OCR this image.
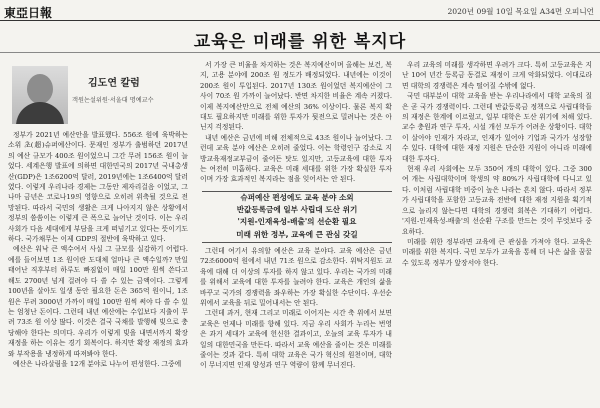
東亞日報	2020년 09월 10일 목요일 A34면 오피니언
교육은 미래를 위한 복지다
김도연 칼럼
객원논설위원·서울대 명예교수

정부가 2021년 예산안을 발표했다. 556조 원에 육박하는 소위 초(超)슈퍼예산이다. 문재인 정부가 출범하던 2017년의 예산 규모가 400조 원이었으니 그간 무려 156조 원이 늘었다. 세계은행 발표에 의하면 대한민국의 2017년 국내총생산(GDP)은 1조6200억 달러, 2019년에는 1조6400억 달러였다. 이렇게 우리나라 경제는 그동안 제자리걸음 이었고, 그나마 금년은 코로나19의 영향으로 오히려 위축될 것으로 전망된다. 따라서 국민의 생활은 크게 나아지지 않은 상황에서 정부의 씀씀이는 이렇게 큰 폭으로 늘어난 것이다. 이는 우리 사회가 다음 세대에게 부담을 크게 떠넘기고 있다는 뜻이기도 하다. 국가채무는 이제 GDP의 절반에 육박하고 있다.

예산은 워낙 큰 액수여서 사실 그 규모를 실감하기 어렵다. 예를 들어보면 1조 원이란 도대체 얼마나 큰 액수일까? 만일 태어난 직후부터 하루도 빠짐없이 매일 100만 원씩 쓴다고 해도 2700년 넘게 걸려야 다 쓸 수 있는 금액이다. 그렇게 100년을 살아도 일생 동안 필요한 돈은 365억 원이니, 1조 원은 무려 3000년 가까이 매일 100만 원씩 써야 다 쓸 수 있는 엄청난 돈이다. 그런데 내년 예산에는 수입보다 지출이 무려 73조 원 이상 많다. 이것은 결국 국채를 발행해 빚으로 충당해야 한다는 의미다. 우리가 이렇게 빚을 내면서까지 확장 재정을 하는 이유는 경기 회복이다. 하지만 확장 재정의 효과와 부작용을 냉정하게 따져봐야 한다.

예산은 나라살림을 12개 분야로 나누어 편성한다. 그중에

서 가장 큰 비율을 차지하는 것은 복지예산이며 올해는 보건, 복지, 고용 분야에 200조 원 정도가 배정되었다. 내년에는 이것이 200조 원이 투입된다. 2017년 130조 원이었던 복지예산이 그 사이 70조 원 가까이 늘어났다. 반면 차지한 비율은 계속 커졌다. 이제 복지예산만으로 전체 예산의 36% 이상이다. 물론 복지 확대도 필요하지만 미래를 위한 투자가 뒷전으로 밀려나는 것은 아닌지 걱정된다.

내년 예산은 금년에 비해 전체적으로 43조 원이나 늘어났다. 그런데 교육 분야 예산은 오히려 줄었다. 이는 학령인구 감소로 지방교육재정교부금이 줄어든 탓도 있지만, 고등교육에 대한 투자는 여전히 미흡하다. 교육은 미래 세대를 위한 가장 확실한 투자이며 가장 효과적인 복지라는 점을 잊어서는 안 된다.

슈퍼예산 편성에도 교육 분야 소외
반값등록금에 일부 사립대 도산 위기
'지원-인재육성-배출'의 선순환 필요
미래 위한 정부, 교육에 큰 관심 갖길

그런데 여기서 유의할 예산은 교육 분야다. 교육 예산은 금년 72조6000억 원에서 내년 71조 원으로 감소한다. 위탁지원도 교육에 대해 더 이상의 투자를 하지 않고 있다. 우리는 국가의 미래를 위해서 교육에 대한 투자를 늘려야 한다. 교육은 개인의 삶을 바꾸고 국가의 경쟁력을 좌우하는 가장 확실한 수단이다. 우선순위에서 교육을 뒤로 밀어내서는 안 된다.

그런데 과거, 현재 그리고 미래로 이어지는 시간 축 위에서 보면 교육은 언제나 미래를 향해 있다. 지금 우리 사회가 누리는 번영은 과거 세대가 교육에 헌신한 결과이고, 오늘의 교육 투자가 내일의 대한민국을 만든다. 따라서 교육 예산을 줄이는 것은 미래를 줄이는 것과 같다. 특히 대학 교육은 국가 혁신의 원천이며, 대학이 무너지면 인재 양성과 연구 역량이 함께 무너진다.

우리 교육의 미래를 생각하면 우려가 크다. 특히 고등교육은 지난 10여 년간 등록금 동결로 재정이 크게 악화되었다. 이대로라면 대학의 경쟁력은 계속 떨어질 수밖에 없다.

국민 대부분이 대학 교육을 받는 우리나라에서 대학 교육의 질은 곧 국가 경쟁력이다. 그런데 반값등록금 정책으로 사립대학들의 재정은 한계에 이르렀고, 일부 대학은 도산 위기에 처해 있다. 교수 충원과 연구 투자, 시설 개선 모두가 어려운 상황이다. 대학이 살아야 인재가 자라고, 인재가 있어야 기업과 국가가 성장할 수 있다. 대학에 대한 재정 지원은 단순한 지원이 아니라 미래에 대한 투자다.

현재 우리 사회에는 모두 350여 개의 대학이 있다. 그중 300여 개는 사립대학이며 학생의 약 80%가 사립대학에 다니고 있다. 이처럼 사립대학 비중이 높은 나라는 흔치 않다. 따라서 정부가 사립대학을 포함한 고등교육 전반에 대한 재정 지원을 획기적으로 늘리지 않는다면 대학의 경쟁력 회복은 기대하기 어렵다. '지원-인재육성-배출'의 선순환 구조를 만드는 것이 무엇보다 중요하다.

미래를 위한 정부라면 교육에 큰 관심을 가져야 한다. 교육은 미래를 위한 복지다. 국민 모두가 교육을 통해 더 나은 삶을 꿈꿀 수 있도록 정부가 앞장서야 한다.
